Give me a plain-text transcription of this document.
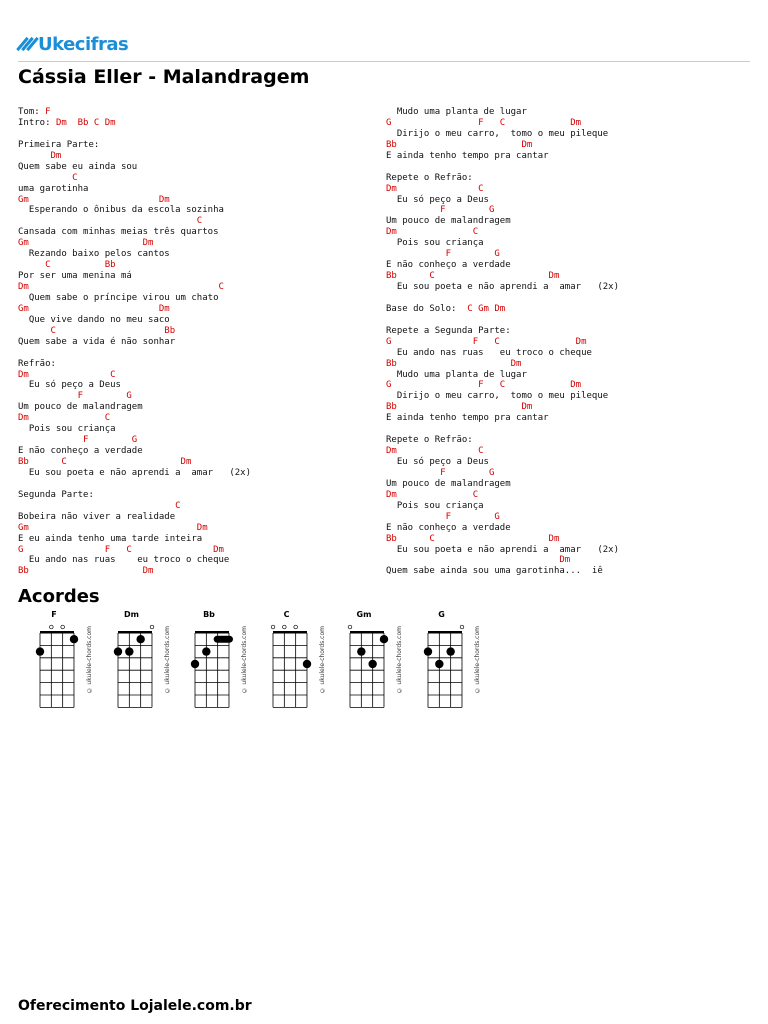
Ukecifras
Cássia Eller - Malandragem
Tom: F
Intro: Dm  Bb C Dm
Primeira Parte:
Dm
Quem sabe eu ainda sou
C
uma garotinha
Gm                        Dm
Esperando o ônibus da escola sozinha
C
Cansada com minhas meias três quartos
Gm                     Dm
Rezando baixo pelos cantos
C          Bb
Por ser uma menina má
Dm                                   C
Quem sabe o príncipe virou um chato
Gm                        Dm
Que vive dando no meu saco
C                    Bb
Quem sabe a vida é não sonhar
Refrão:
Dm               C
Eu só peço a Deus
F        G
Um pouco de malandragem
Dm              C
Pois sou criança
F        G
E não conheço a verdade
Bb      C                     Dm
Eu sou poeta e não aprendi a  amar   (2x)
Segunda Parte:
C
Bobeira não viver a realidade
Gm                               Dm
E eu ainda tenho uma tarde inteira
G               F   C               Dm
Eu ando nas ruas    eu troco o cheque
Bb                     Dm
Mudo uma planta de lugar
G                F   C            Dm
Dirijo o meu carro,  tomo o meu pileque
Bb                       Dm
E ainda tenho tempo pra cantar
Repete o Refrão:
Dm               C
Eu só peço a Deus
F        G
Um pouco de malandragem
Dm              C
Pois sou criança
F        G
E não conheço a verdade
Bb      C                     Dm
Eu sou poeta e não aprendi a  amar   (2x)
Base do Solo:  C Gm Dm
Repete a Segunda Parte:
G               F   C              Dm
Eu ando nas ruas   eu troco o cheque
Bb                     Dm
Mudo uma planta de lugar
G                F   C            Dm
Dirijo o meu carro,  tomo o meu pileque
Bb                       Dm
E ainda tenho tempo pra cantar
Repete o Refrão:
Dm               C
Eu só peço a Deus
F        G
Um pouco de malandragem
Dm              C
Pois sou criança
F        G
E não conheço a verdade
Bb      C                     Dm
Eu sou poeta e não aprendi a  amar   (2x)
Dm
Quem sabe ainda sou uma garotinha...  iê
Acordes
F
© ukulele-chords.com
Dm
© ukulele-chords.com
Bb
© ukulele-chords.com
C
© ukulele-chords.com
Gm
© ukulele-chords.com
G
© ukulele-chords.com
Oferecimento Lojalele.com.br
